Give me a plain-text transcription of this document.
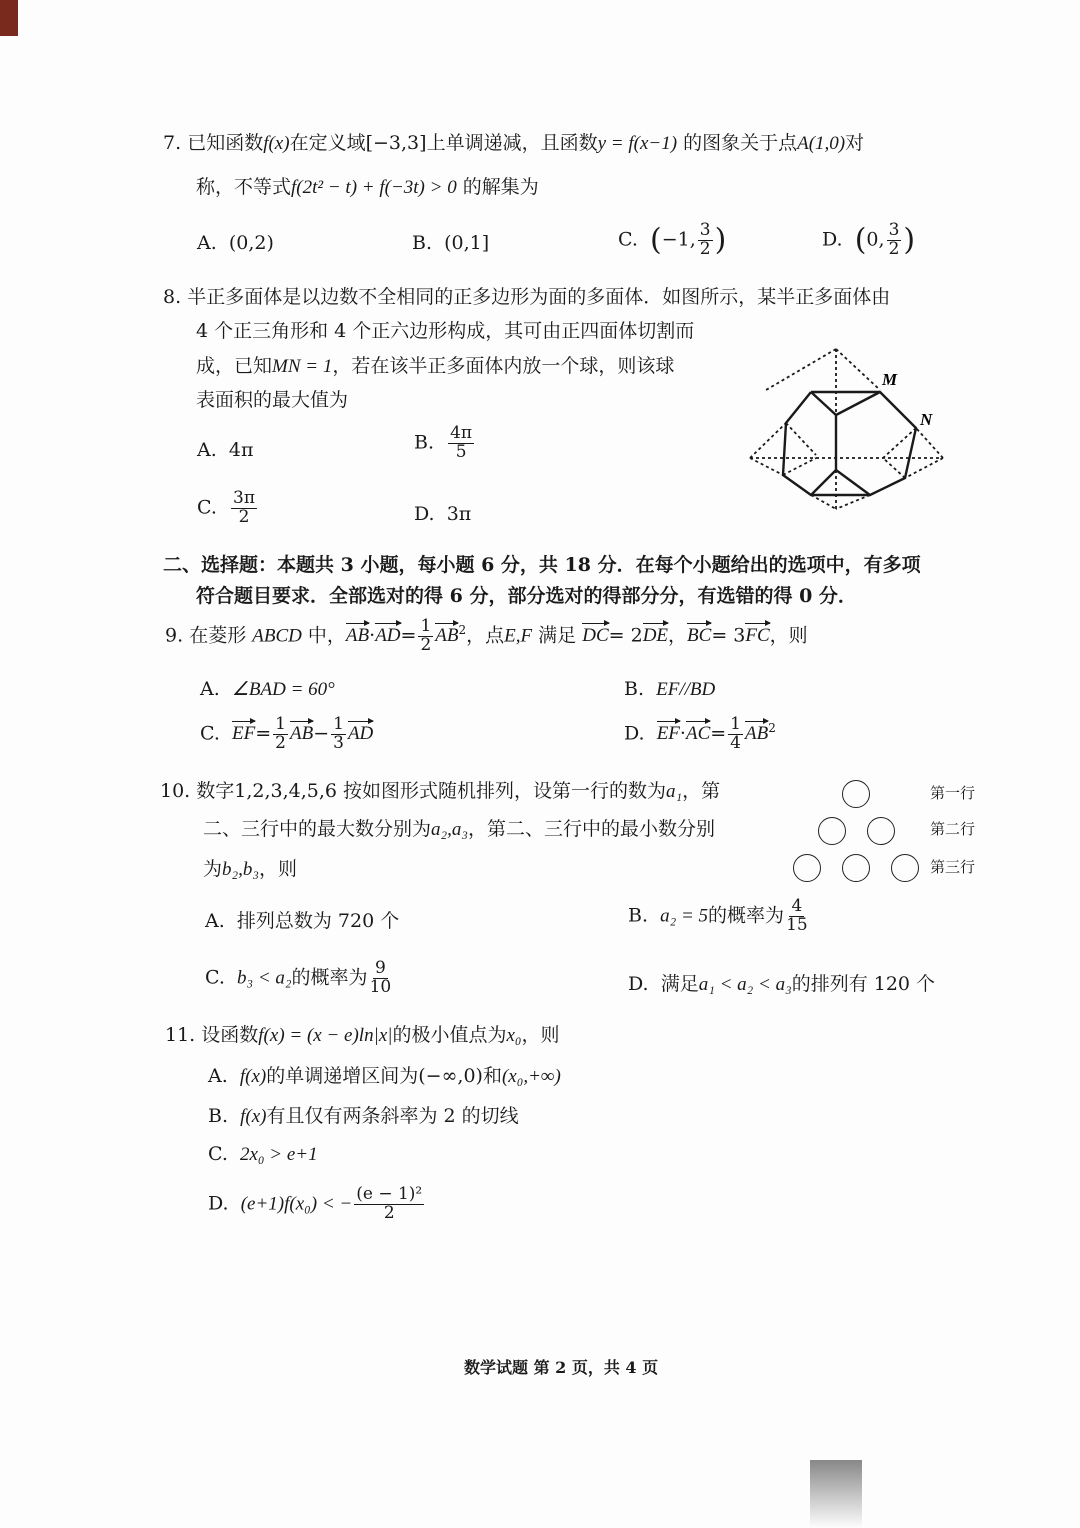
7. 已知函数f(x)在定义域[−3,3]上单调递减，且函数y = f(x−1) 的图象关于点A(1,0)对
称，不等式f(2t² − t) + f(−3t) > 0 的解集为
A. (0,2)	B. (0,1]	C. (−1, $\frac{3}{2}$ )	D. (0, $\frac{3}{2}$ )
8. 半正多面体是以边数不全相同的正多边形为面的多面体．如图所示，某半正多面体由
4 个正三角形和 4 个正六边形构成，其可由正四面体切割而
成，已知MN = 1，若在该半正多面体内放一个球，则该球
表面积的最大值为
M
N
A. 4π	B. $\frac{4\pi}{5}$
C. $\frac{3\pi}{2}$	D. 3π
二、选择题：本题共 3 小题，每小题 6 分，共 18 分．在每个小题给出的选项中，有多项
符合题目要求．全部选对的得 6 分，部分选对的得部分分，有选错的得 0 分．
9. 在菱形 ABCD 中，$AB\cdot AD= \frac{1}{2} AB^2$，点E,F 满足 DC= 2DE，BC= 3FC，则
A. ∠BAD = 60°	B. EF//BD
C. $EF= \frac{1}{2} AB- \frac{1}{3}$ AD	D. $EF\cdot AC= \frac{1}{4} AB^2$
10. 数字1,2,3,4,5,6 按如图形式随机排列，设第一行的数为a₁，第
二、三行中的最大数分别为a₂,a₃，第二、三行中的最小数分别
为b₂,b₃，则
第一行
第二行
第三行
A. 排列总数为 720 个	B. a₂ = 5的概率为 $\frac{4}{15}$
C. b₃ < a₂的概率为 $\frac{9}{10}$	D. 满足a₁ < a₂ < a₃的排列有 120 个
11. 设函数f(x) = (x − e)ln|x|的极小值点为x₀，则
A. f(x)的单调递增区间为(−∞,0)和(x₀,+∞)
B. f(x)有且仅有两条斜率为 2 的切线
C. 2x₀ > e+1
D. (e+1)f(x₀) < − $\frac{\text{(e − 1)²}}{2}$
数学试题 第 2 页，共 4 页
